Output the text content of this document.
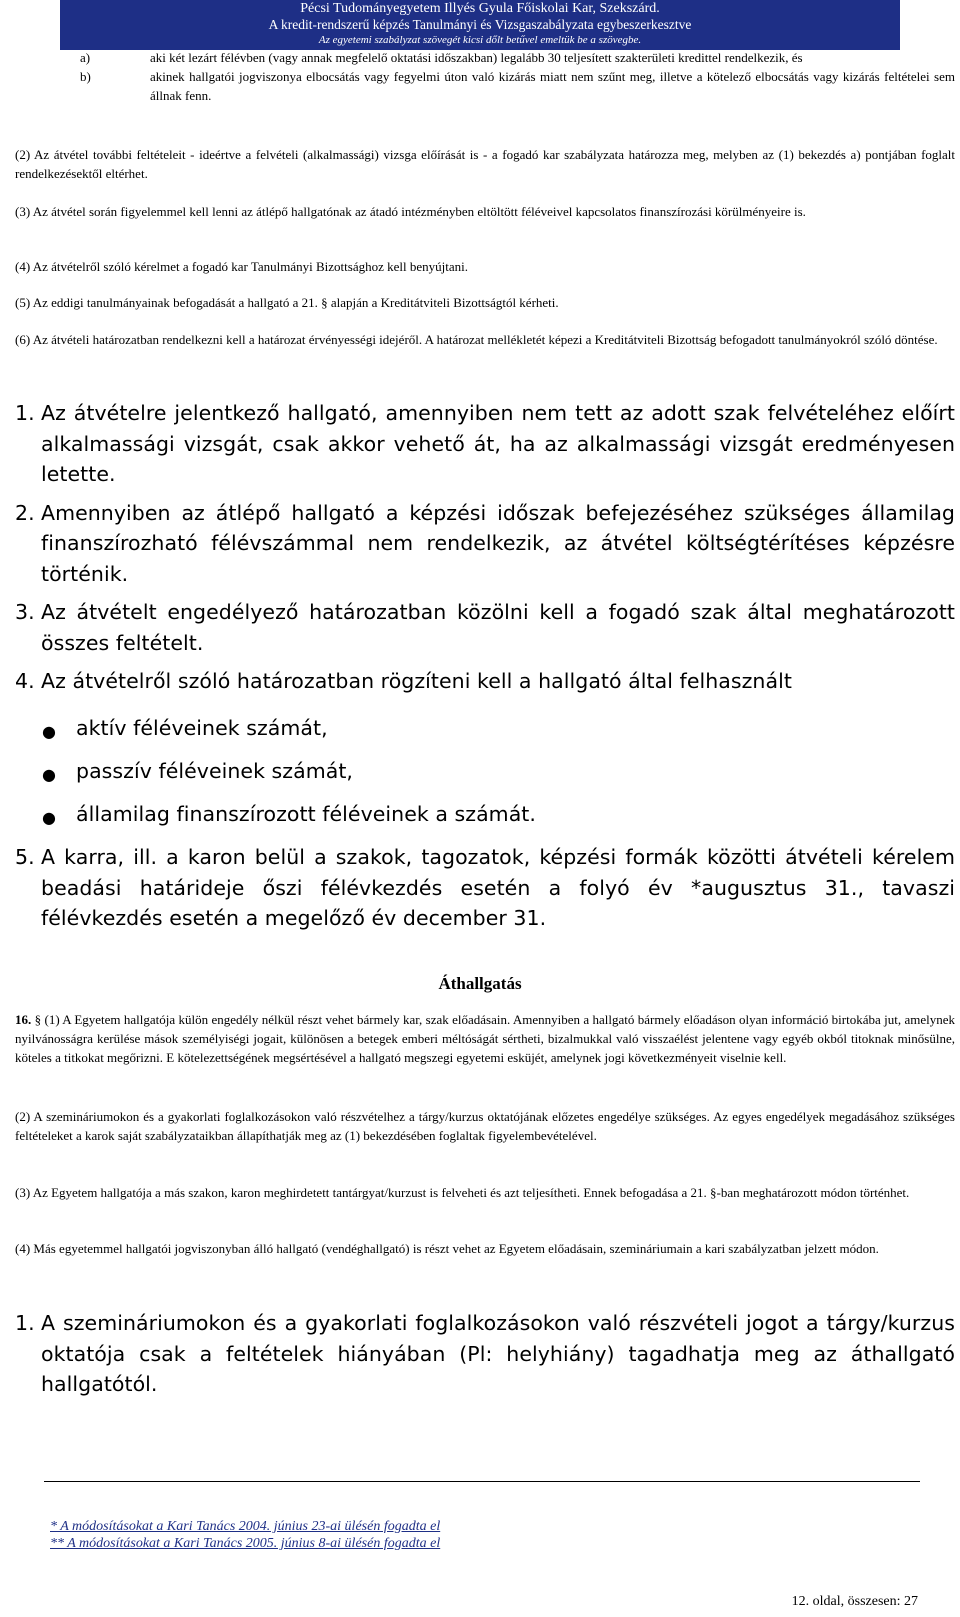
Pécsi Tudományegyetem Illyés Gyula Főiskolai Kar, Szekszárd.
A kredit-rendszerű képzés Tanulmányi és Vizsgaszabályzata egybeszerkesztve
Az egyetemi szabályzat szövegét kicsi dőlt betűvel emeltük be a szövegbe.
a)	aki két lezárt félévben (vagy annak megfelelő oktatási időszakban) legalább 30 teljesített szakterületi kredittel rendelkezik, és
b)	akinek hallgatói jogviszonya elbocsátás vagy fegyelmi úton való kizárás miatt nem szűnt meg, illetve a kötelező elbocsátás vagy kizárás feltételei sem állnak fenn.
(2) Az átvétel további feltételeit - ideértve a felvételi (alkalmassági) vizsga előírását is - a fogadó kar szabályzata határozza meg, melyben az (1) bekezdés a) pontjában foglalt rendelkezésektől eltérhet.
(3) Az átvétel során figyelemmel kell lenni az átlépő hallgatónak az átadó intézményben eltöltött féléveivel kapcsolatos finanszírozási körülményeire is.
(4) Az átvételről szóló kérelmet a fogadó kar Tanulmányi Bizottsághoz kell benyújtani.
(5) Az eddigi tanulmányainak befogadását a hallgató a 21. § alapján a Kreditátviteli Bizottságtól kérheti.
(6) Az átvételi határozatban rendelkezni kell a határozat érvényességi idejéről. A határozat mellékletét képezi a Kreditátviteli Bizottság befogadott tanulmányokról szóló döntése.
1. Az átvételre jelentkező hallgató, amennyiben nem tett az adott szak felvételéhez előírt alkalmassági vizsgát, csak akkor vehető át, ha az alkalmassági vizsgát eredményesen letette.
2. Amennyiben az átlépő hallgató a képzési időszak befejezéséhez szükséges államilag finanszírozható félévszámmal nem rendelkezik, az átvétel költségtérítéses képzésre történik.
3. Az átvételt engedélyező határozatban közölni kell a fogadó szak által meghatározott összes feltételt.
4. Az átvételről szóló határozatban rögzíteni kell a hallgató által felhasznált
● aktív féléveinek számát,
● passzív féléveinek számát,
● államilag finanszírozott féléveinek a számát.
5. A karra, ill. a karon belül a szakok, tagozatok, képzési formák közötti átvételi kérelem beadási határideje őszi félévkezdés esetén a folyó év *augusztus 31., tavaszi félévkezdés esetén a megelőző év december 31.
Áthallgatás
16. § (1) A Egyetem hallgatója külön engedély nélkül részt vehet bármely kar, szak előadásain. Amennyiben a hallgató bármely előadáson olyan információ birtokába jut, amelynek nyilvánosságra kerülése mások személyiségi jogait, különösen a betegek emberi méltóságát sértheti, bizalmukkal való visszaélést jelentene vagy egyéb okból titoknak minősülne, köteles a titkokat megőrizni. E kötelezettségének megsértésével a hallgató megszegi egyetemi esküjét, amelynek jogi következményeit viselnie kell.
(2) A szemináriumokon és a gyakorlati foglalkozásokon való részvételhez a tárgy/kurzus oktatójának előzetes engedélye szükséges. Az egyes engedélyek megadásához szükséges feltételeket a karok saját szabályzataikban állapíthatják meg az (1) bekezdésében foglaltak figyelembevételével.
(3) Az Egyetem hallgatója a más szakon, karon meghirdetett tantárgyat/kurzust is felveheti és azt teljesítheti. Ennek befogadása a 21. §-ban meghatározott módon történhet.
(4) Más egyetemmel hallgatói jogviszonyban álló hallgató (vendéghallgató) is részt vehet az Egyetem előadásain, szemináriumain a kari szabályzatban jelzett módon.
1. A szemináriumokon és a gyakorlati foglalkozásokon való részvételi jogot a tárgy/kurzus oktatója csak a feltételek hiányában (Pl: helyhiány) tagadhatja meg az áthallgató hallgatótól.
* A módosításokat a Kari Tanács 2004. június 23-ai ülésén fogadta el
** A módosításokat a Kari Tanács 2005. június 8-ai ülésén fogadta el
12. oldal, összesen: 27
